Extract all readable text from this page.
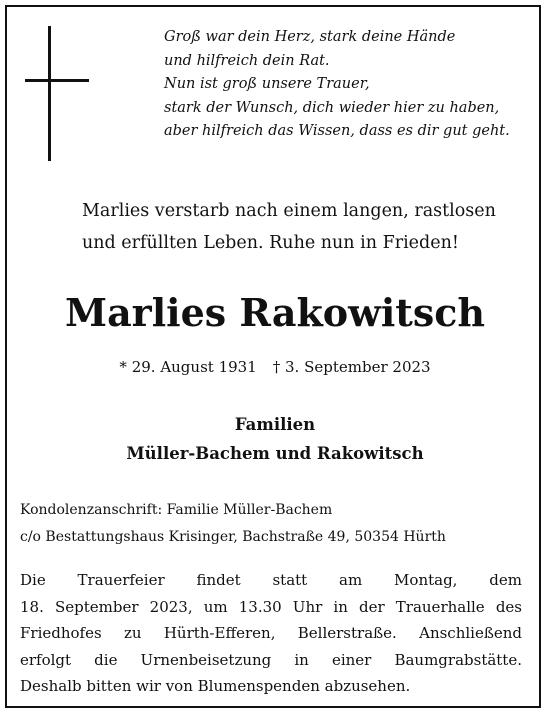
Groß war dein Herz, stark deine Hände
und hilfreich dein Rat.
Nun ist groß unsere Trauer,
stark der Wunsch, dich wieder hier zu haben,
aber hilfreich das Wissen, dass es dir gut geht.
Marlies verstarb nach einem langen, rastlosen
und erfüllten Leben. Ruhe nun in Frieden!
Marlies Rakowitsch
* 29. August 1931 † 3. September 2023
Familien
Müller-Bachem und Rakowitsch
Kondolenzanschrift: Familie Müller-Bachem
c/o Bestattungshaus Krisinger, Bachstraße 49, 50354 Hürth
Die Trauerfeier findet statt am Montag, dem
18. September 2023, um 13.30 Uhr in der Trauerhalle des
Friedhofes zu Hürth-Efferen, Bellerstraße. Anschließend
erfolgt die Urnenbeisetzung in einer Baumgrabstätte.
Deshalb bitten wir von Blumenspenden abzusehen.
